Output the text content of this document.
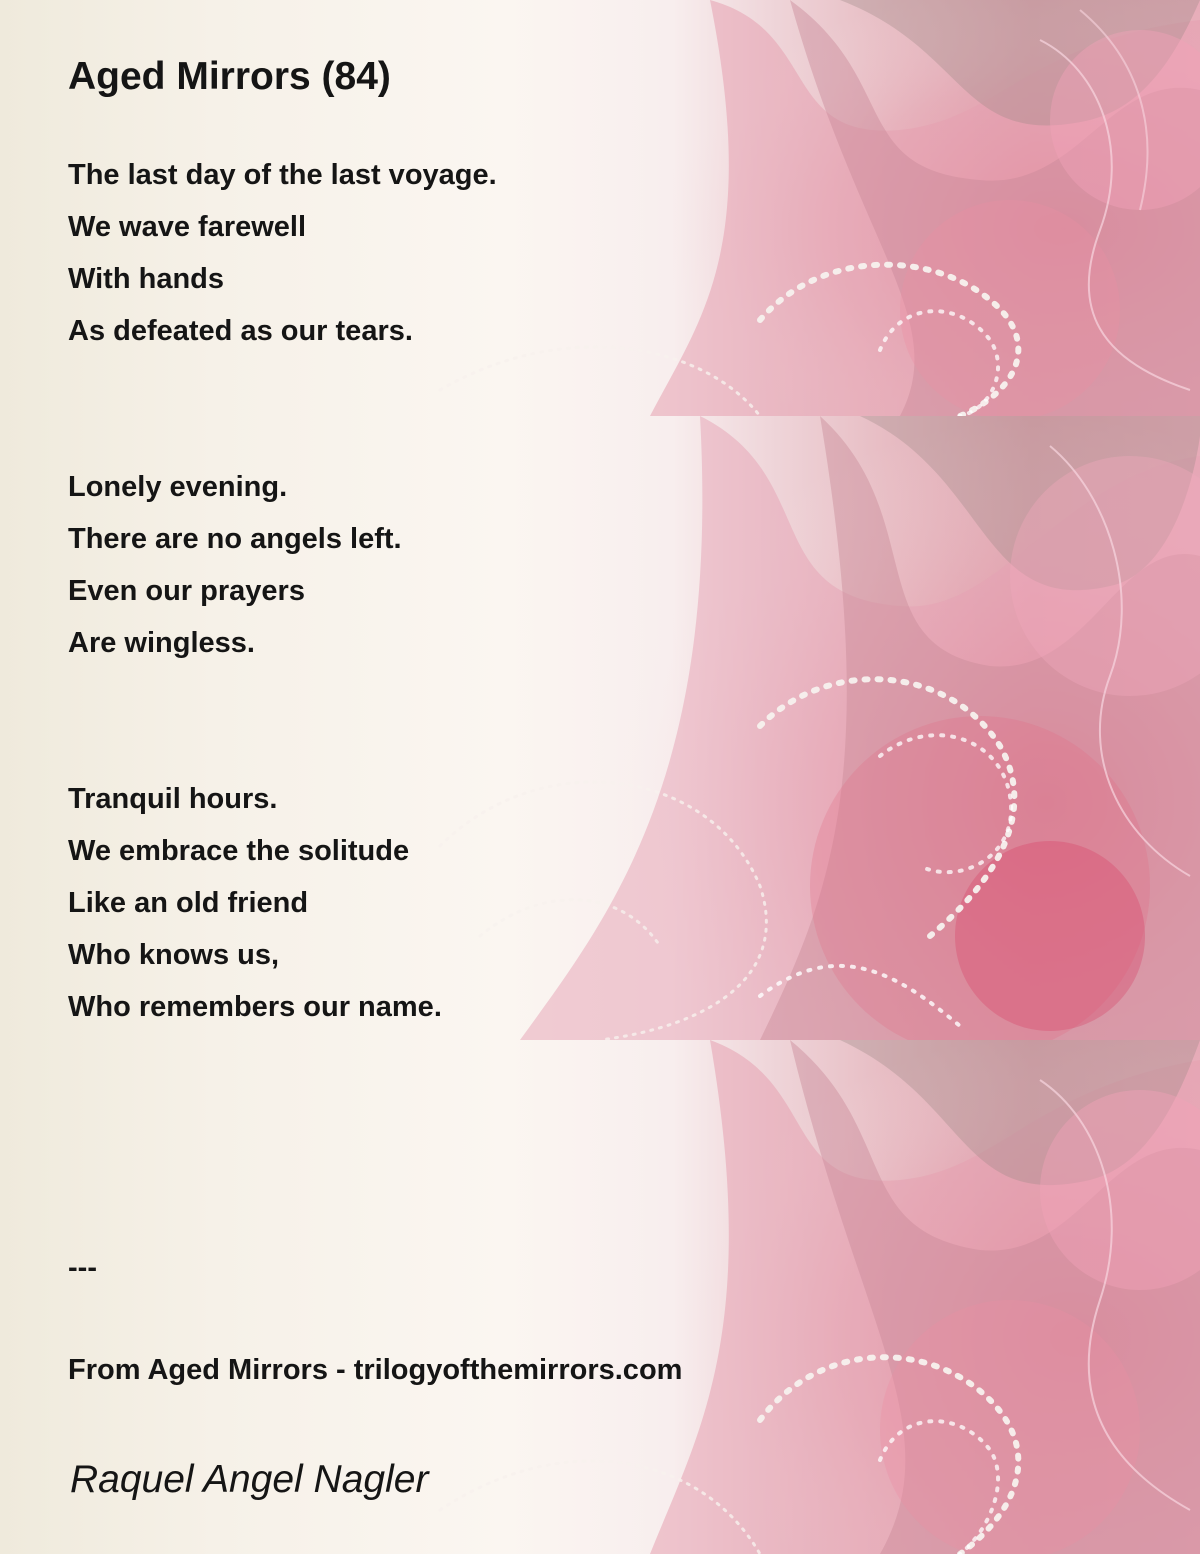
Aged Mirrors (84)
The last day of the last voyage.
We wave farewell
With hands
As defeated as our tears.
Lonely evening.
There are no angels left.
Even our prayers
Are wingless.
Tranquil hours.
We embrace the solitude
Like an old friend
Who knows us,
Who remembers our name.
---
From Aged Mirrors - trilogyofthemirrors.com
Raquel Angel Nagler
